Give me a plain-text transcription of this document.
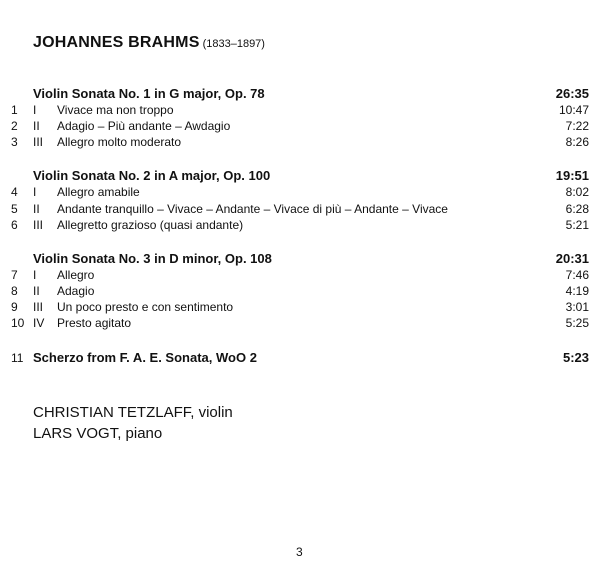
JOHANNES BRAHMS (1833–1897)
Violin Sonata No. 1 in G major, Op. 78	26:35
1	I	Vivace ma non troppo	10:47
2	II	Adagio – Più andante – Awdagio	7:22
3	III	Allegro molto moderato	8:26
Violin Sonata No. 2 in A major, Op. 100	19:51
4	I	Allegro amabile	8:02
5	II	Andante tranquillo – Vivace – Andante – Vivace di più – Andante – Vivace	6:28
6	III	Allegretto grazioso (quasi andante)	5:21
Violin Sonata No. 3 in D minor, Op. 108	20:31
7	I	Allegro	7:46
8	II	Adagio	4:19
9	III	Un poco presto e con sentimento	3:01
10 IV	Presto agitato	5:25
11 Scherzo from F. A. E. Sonata, WoO 2	5:23
CHRISTIAN TETZLAFF, violin
LARS VOGT, piano
3
